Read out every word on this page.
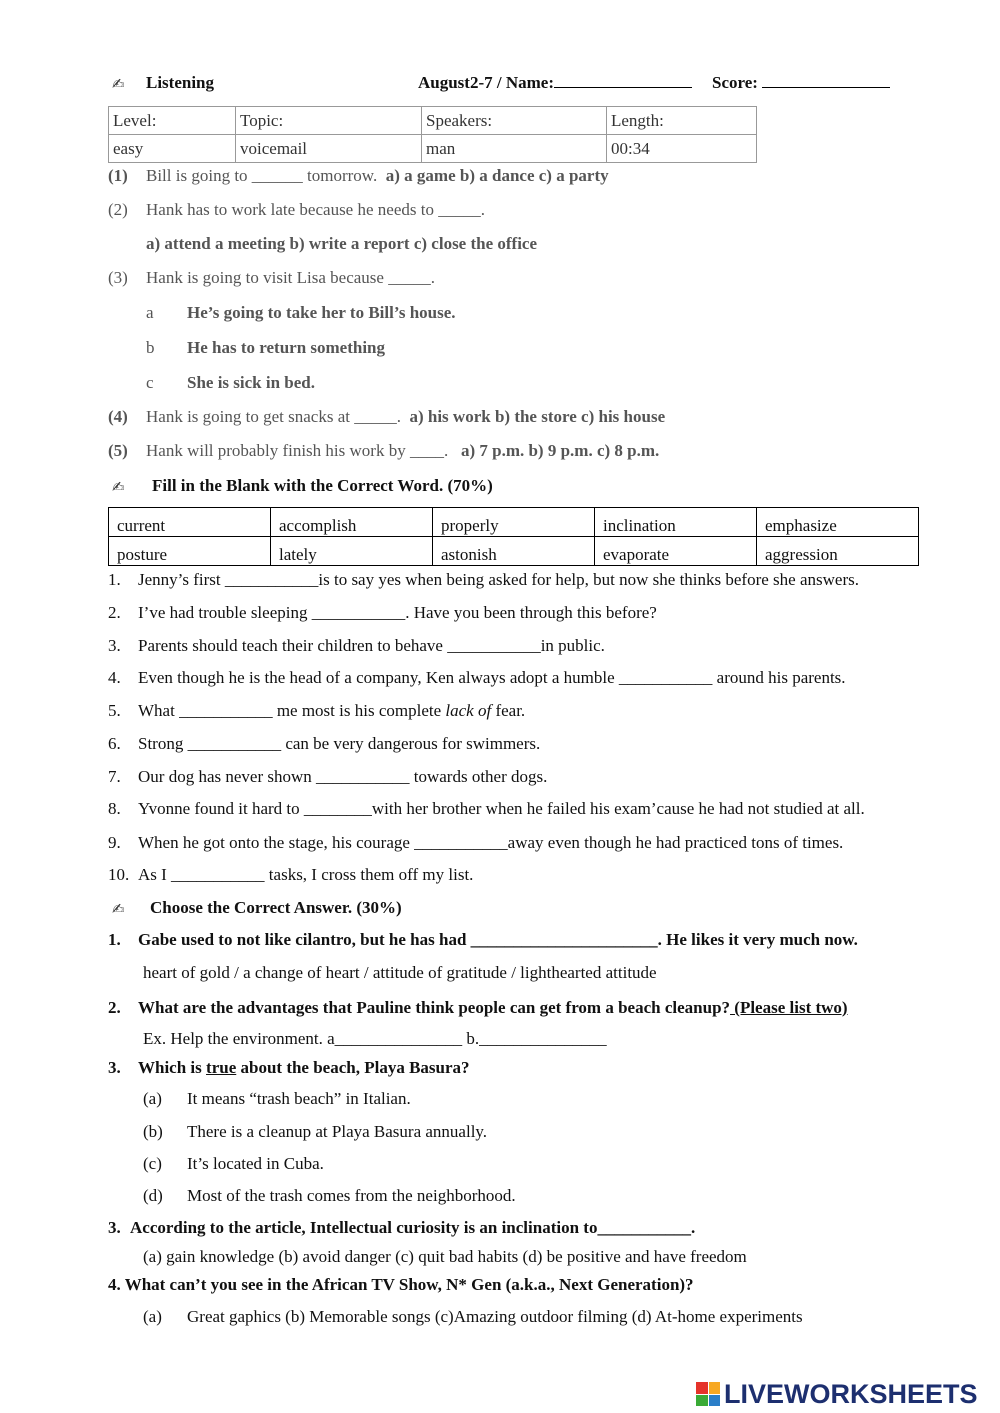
✍ Listening	August2-7 / Name:	Score:
Level:	Topic:	Speakers:	Length:
easy	voicemail	man	00:34
(1) Bill is going to ______ tomorrow. a) a game b) a dance c) a party
(2) Hank has to work late because he needs to _____.
a) attend a meeting b) write a report c) close the office
(3) Hank is going to visit Lisa because _____.
a He’s going to take her to Bill’s house.
b He has to return something
c She is sick in bed.
(4) Hank is going to get snacks at _____. a) his work b) the store c) his house
(5) Hank will probably finish his work by ____. a) 7 p.m. b) 9 p.m. c) 8 p.m.
✍ Fill in the Blank with the Correct Word. (70%)
current	accomplish	properly	inclination	emphasize
posture	lately	astonish	evaporate	aggression
1. Jenny’s first ___________is to say yes when being asked for help, but now she thinks before she answers.
2. I’ve had trouble sleeping ___________. Have you been through this before?
3. Parents should teach their children to behave ___________in public.
4. Even though he is the head of a company, Ken always adopt a humble ___________ around his parents.
5. What ___________ me most is his complete lack of fear.
6. Strong ___________ can be very dangerous for swimmers.
7. Our dog has never shown ___________ towards other dogs.
8. Yvonne found it hard to ________with her brother when he failed his exam’cause he had not studied at all.
9. When he got onto the stage, his courage ___________away even though he had practiced tons of times.
10. As I ___________ tasks, I cross them off my list.
✍ Choose the Correct Answer. (30%)
1. Gabe used to not like cilantro, but he has had ______________________. He likes it very much now.
heart of gold / a change of heart / attitude of gratitude / lighthearted attitude
2. What are the advantages that Pauline think people can get from a beach cleanup? (Please list two)
Ex. Help the environment. a_______________ b._______________
3. Which is true about the beach, Playa Basura?
(a) It means “trash beach” in Italian.
(b) There is a cleanup at Playa Basura annually.
(c) It’s located in Cuba.
(d) Most of the trash comes from the neighborhood.
3. According to the article, Intellectual curiosity is an inclination to___________.
(a) gain knowledge (b) avoid danger (c) quit bad habits (d) be positive and have freedom
4. What can’t you see in the African TV Show, N* Gen (a.k.a., Next Generation)?
(a) Great gaphics (b) Memorable songs (c)Amazing outdoor filming (d) At-home experiments
LIVEWORKSHEETS
